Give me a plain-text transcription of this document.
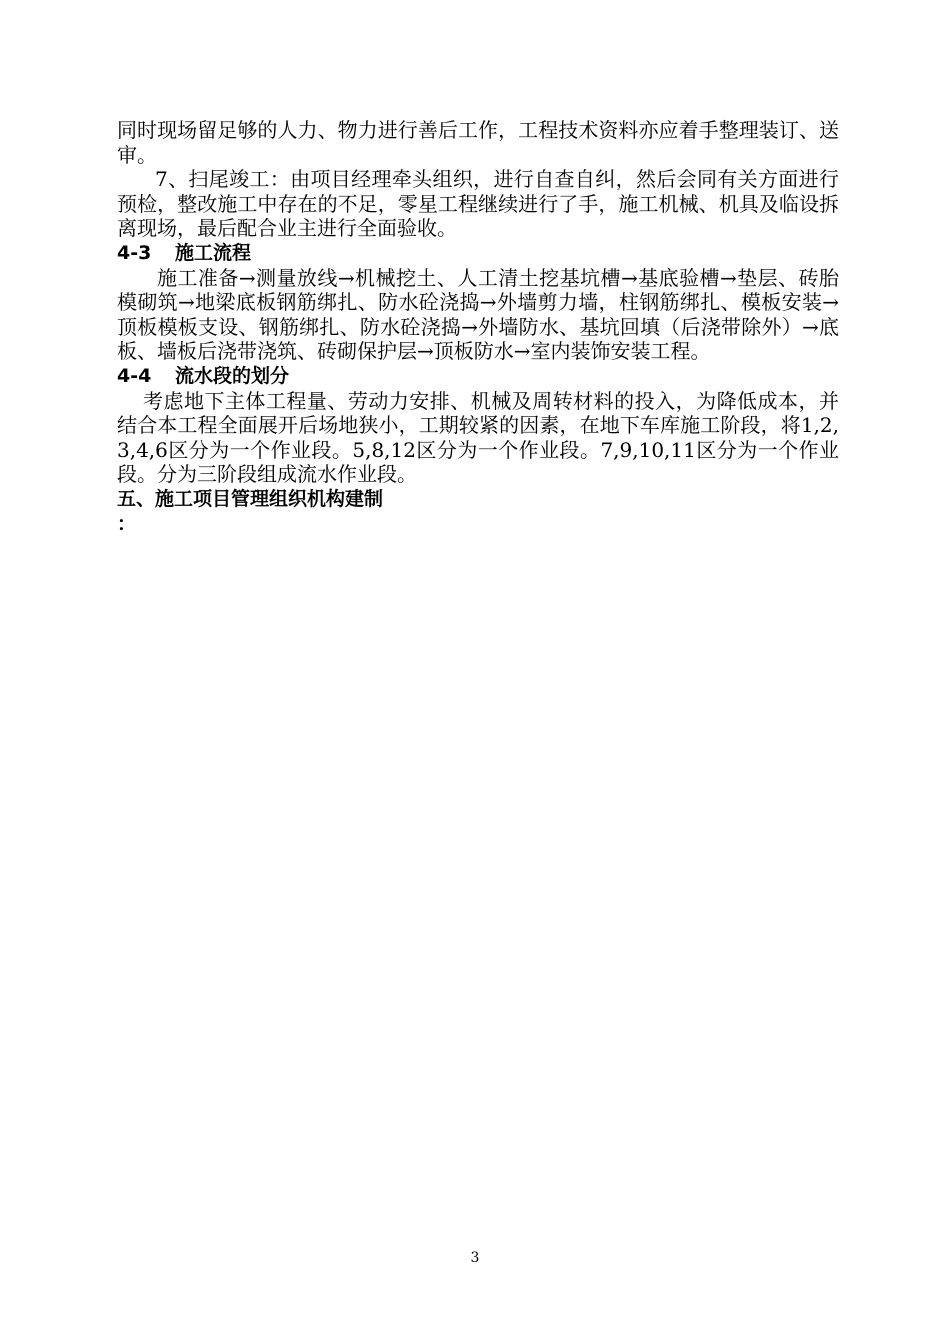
同时现场留足够的人力、物力进行善后工作，工程技术资料亦应着手整理装订、送审。

7、扫尾竣工：由项目经理牵头组织，进行自查自纠，然后会同有关方面进行预检，整改施工中存在的不足，零星工程继续进行了手，施工机械、机具及临设拆离现场，最后配合业主进行全面验收。

4-3 施工流程

施工准备→测量放线→机械挖土、人工清土挖基坑槽→基底验槽→垫层、砖胎模砌筑→地梁底板钢筋绑扎、防水砼浇捣→外墙剪力墙，柱钢筋绑扎、模板安装→顶板模板支设、钢筋绑扎、防水砼浇捣→外墙防水、基坑回填（后浇带除外）→底板、墙板后浇带浇筑、砖砌保护层→顶板防水→室内装饰安装工程。

4-4 流水段的划分

考虑地下主体工程量、劳动力安排、机械及周转材料的投入，为降低成本，并结合本工程全面展开后场地狭小，工期较紧的因素，在地下车库施工阶段，将1,2,3,4,6区分为一个作业段。5,8,12区分为一个作业段。7,9,10,11区分为一个作业段。分为三阶段组成流水作业段。

五、施工项目管理组织机构建制

：

3
